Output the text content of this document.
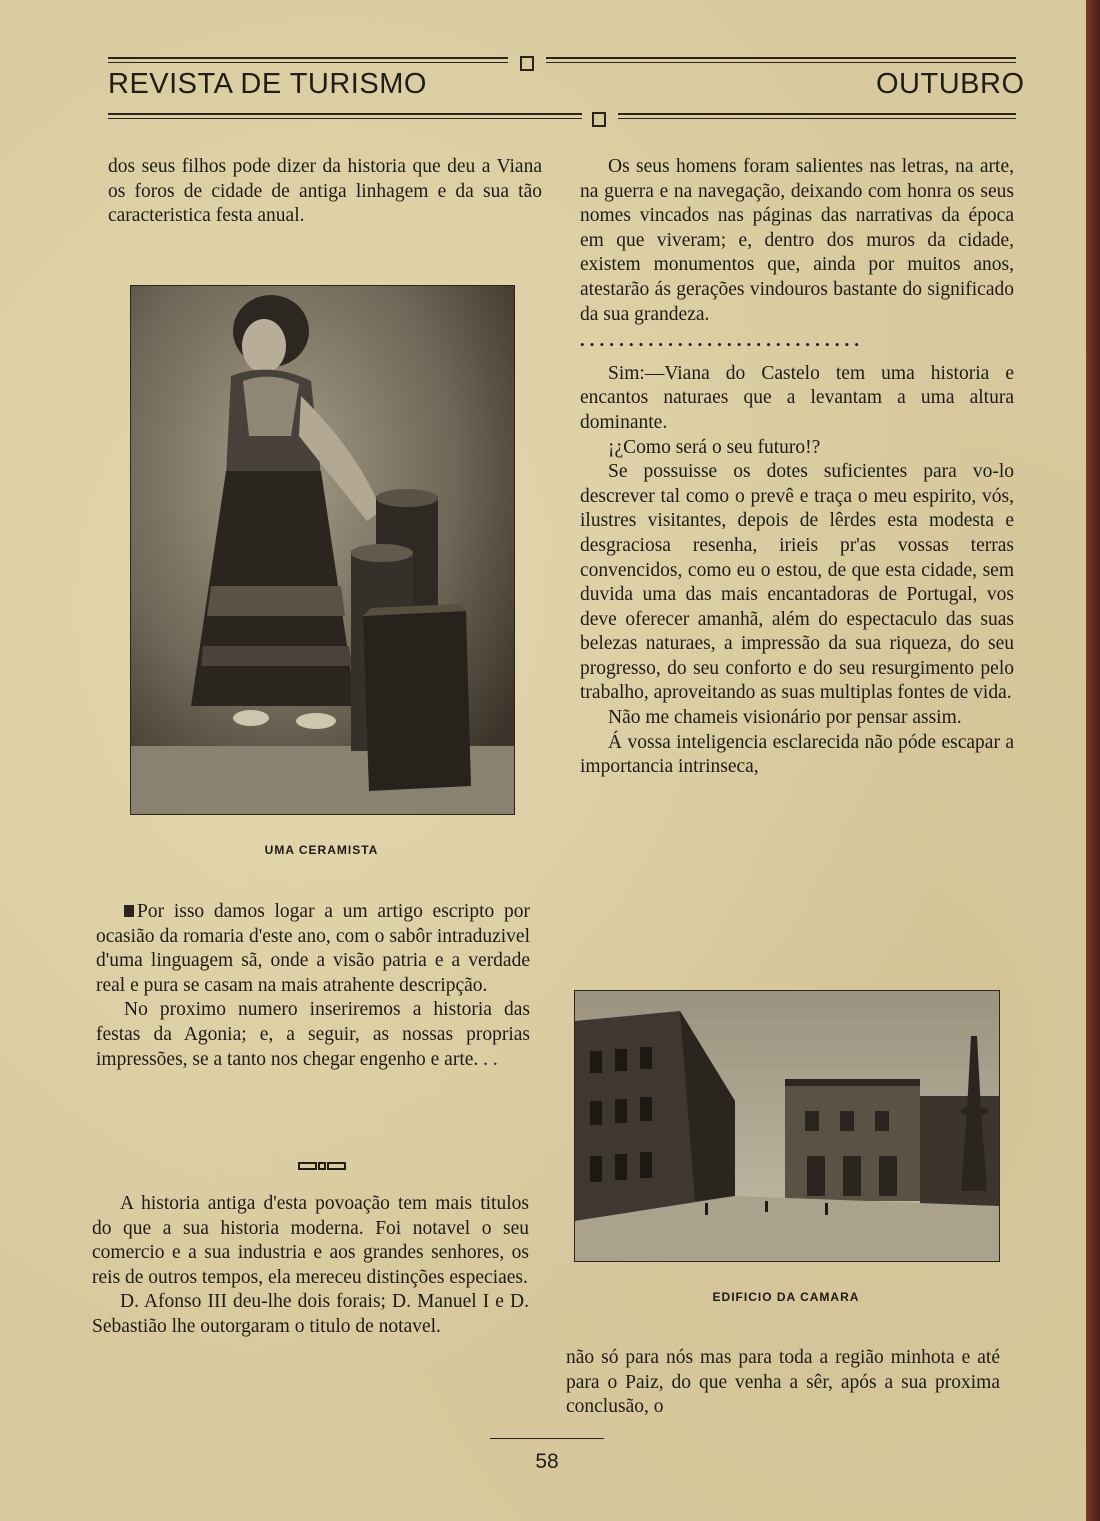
REVISTA DE TURISMO	OUTUBRO

dos seus filhos pode dizer da historia que deu a Viana os foros de cidade de antiga linhagem e da sua tão caracteristica festa anual.

UMA CERAMISTA

Por isso damos logar a um artigo escripto por ocasião da romaria d'este ano, com o sabôr intraduzivel d'uma linguagem sã, onde a visão patria e a verdade real e pura se casam na mais atrahente descripção.

No proximo numero inseriremos a historia das festas da Agonia; e, a seguir, as nossas proprias impressões, se a tanto nos chegar engenho e arte. . .

A historia antiga d'esta povoação tem mais titulos do que a sua historia moderna. Foi notavel o seu comercio e a sua industria e aos grandes senhores, os reis de outros tempos, ela mereceu distinções especiaes.

D. Afonso III deu-lhe dois forais; D. Manuel I e D. Sebastião lhe outorgaram o titulo de notavel.

Os seus homens foram salientes nas letras, na arte, na guerra e na navegação, deixando com honra os seus nomes vincados nas páginas das narrativas da época em que viveram; e, dentro dos muros da cidade, existem monumentos que, ainda por muitos anos, atestarão ás gerações vindouros bastante do significado da sua grandeza.

• • • • • • • • • • • • • • • • • • • • • • • • • • • • •

Sim:—Viana do Castelo tem uma historia e encantos naturaes que a levantam a uma altura dominante.

¡¿Como será o seu futuro!?

Se possuisse os dotes suficientes para vo-lo descrever tal como o prevê e traça o meu espirito, vós, ilustres visitantes, depois de lêrdes esta modesta e desgraciosa resenha, irieis pr'as vossas terras convencidos, como eu o estou, de que esta cidade, sem duvida uma das mais encantadoras de Portugal, vos deve oferecer amanhã, além do espectaculo das suas belezas naturaes, a impressão da sua riqueza, do seu progresso, do seu conforto e do seu resurgimento pelo trabalho, aproveitando as suas multiplas fontes de vida.

Não me chameis visionário por pensar assim.

Á vossa inteligencia esclarecida não póde escapar a importancia intrinseca,

EDIFICIO DA CAMARA

não só para nós mas para toda a região minhota e até para o Paiz, do que venha a sêr, após a sua proxima conclusão, o

58
